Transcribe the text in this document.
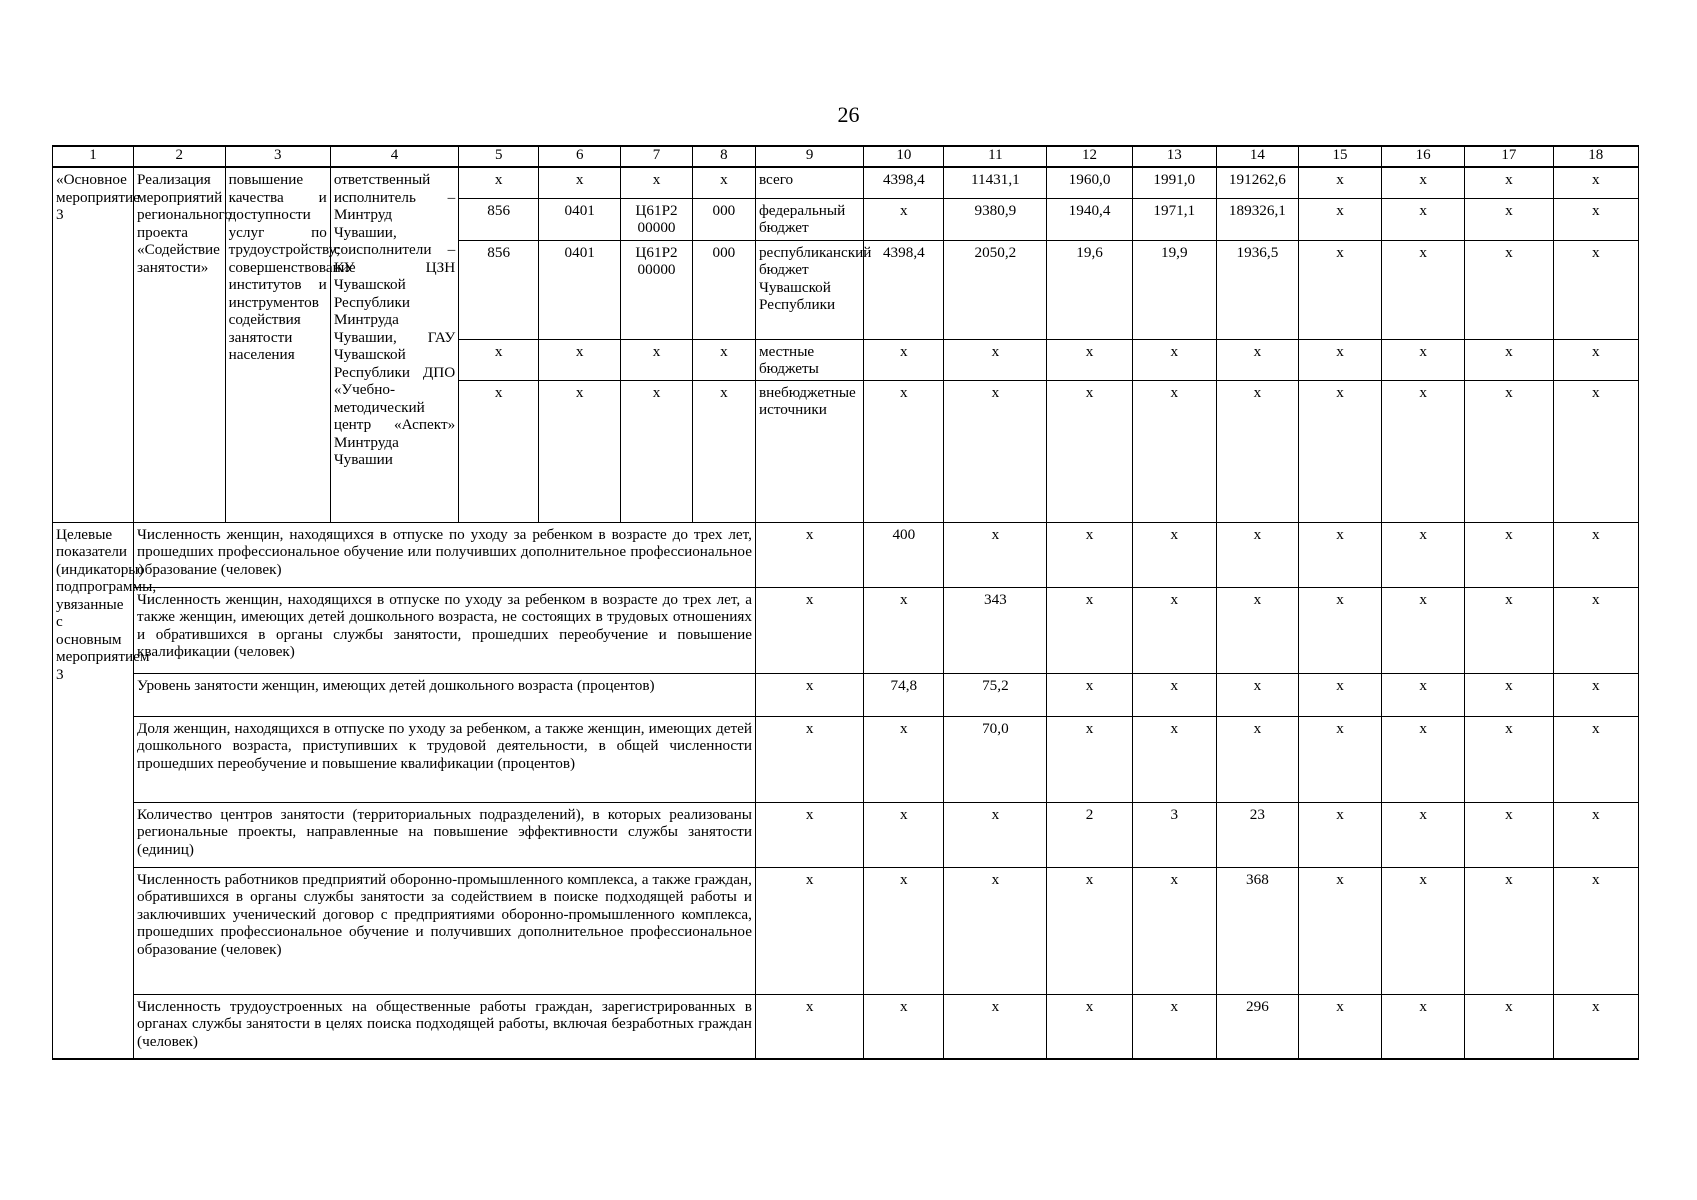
26
1	2	3	4	5	6	7	8	9	10	11	12	13	14	15	16	17	18
«Основное мероприятие 3	Реализация мероприятий регионального проекта «Содействие занятости»	повышение качества и доступности услуг по трудоустройству; совершенствование институтов и инструментов содействия занятости населения	ответственный исполнитель – Минтруд Чувашии, соисполнители – КУ ЦЗН Чувашской Республики Минтруда Чувашии, ГАУ Чувашской Республики ДПО «Учебно-методический центр «Аспект» Минтруда Чувашии	x	x	x	x	всего	4398,4	11431,1	1960,0	1991,0	191262,6	x	x	x	x
				856	0401	Ц61Р2 00000	000	федеральный бюджет	x	9380,9	1940,4	1971,1	189326,1	x	x	x	x
				856	0401	Ц61Р2 00000	000	республиканский бюджет Чувашской Республики	4398,4	2050,2	19,6	19,9	1936,5	x	x	x	x
				x	x	x	x	местные бюджеты	x	x	x	x	x	x	x	x	x
				x	x	x	x	внебюджетные источники	x	x	x	x	x	x	x	x	x
Целевые показатели (индикаторы) подпрограммы, увязанные с основным мероприятием 3	Численность женщин, находящихся в отпуске по уходу за ребенком в возрасте до трех лет, прошедших профессиональное обучение или получивших дополнительное профессиональное образование (человек)							x	400	x	x	x	x	x	x	x	x
	Численность женщин, находящихся в отпуске по уходу за ребенком в возрасте до трех лет, а также женщин, имеющих детей дошкольного возраста, не состоящих в трудовых отношениях и обратившихся в органы службы занятости, прошедших переобучение и повышение квалификации (человек)							x	x	343	x	x	x	x	x	x	x
	Уровень занятости женщин, имеющих детей дошкольного возраста (процентов)							x	74,8	75,2	x	x	x	x	x	x	x
	Доля женщин, находящихся в отпуске по уходу за ребенком, а также женщин, имеющих детей дошкольного возраста, приступивших к трудовой деятельности, в общей численности прошедших переобучение и повышение квалификации (процентов)							x	x	70,0	x	x	x	x	x	x	x
	Количество центров занятости (территориальных подразделений), в которых реализованы региональные проекты, направленные на повышение эффективности службы занятости (единиц)							x	x	x	2	3	23	x	x	x	x
	Численность работников предприятий оборонно-промышленного комплекса, а также граждан, обратившихся в органы службы занятости за содействием в поиске подходящей работы и заключивших ученический договор с предприятиями оборонно-промышленного комплекса, прошедших профессиональное обучение и получивших дополнительное профессиональное образование (человек)							x	x	x	x	x	368	x	x	x	x
	Численность трудоустроенных на общественные работы граждан, зарегистрированных в органах службы занятости в целях поиска подходящей работы, включая безработных граждан (человек)							x	x	x	x	x	296	x	x	x	x
